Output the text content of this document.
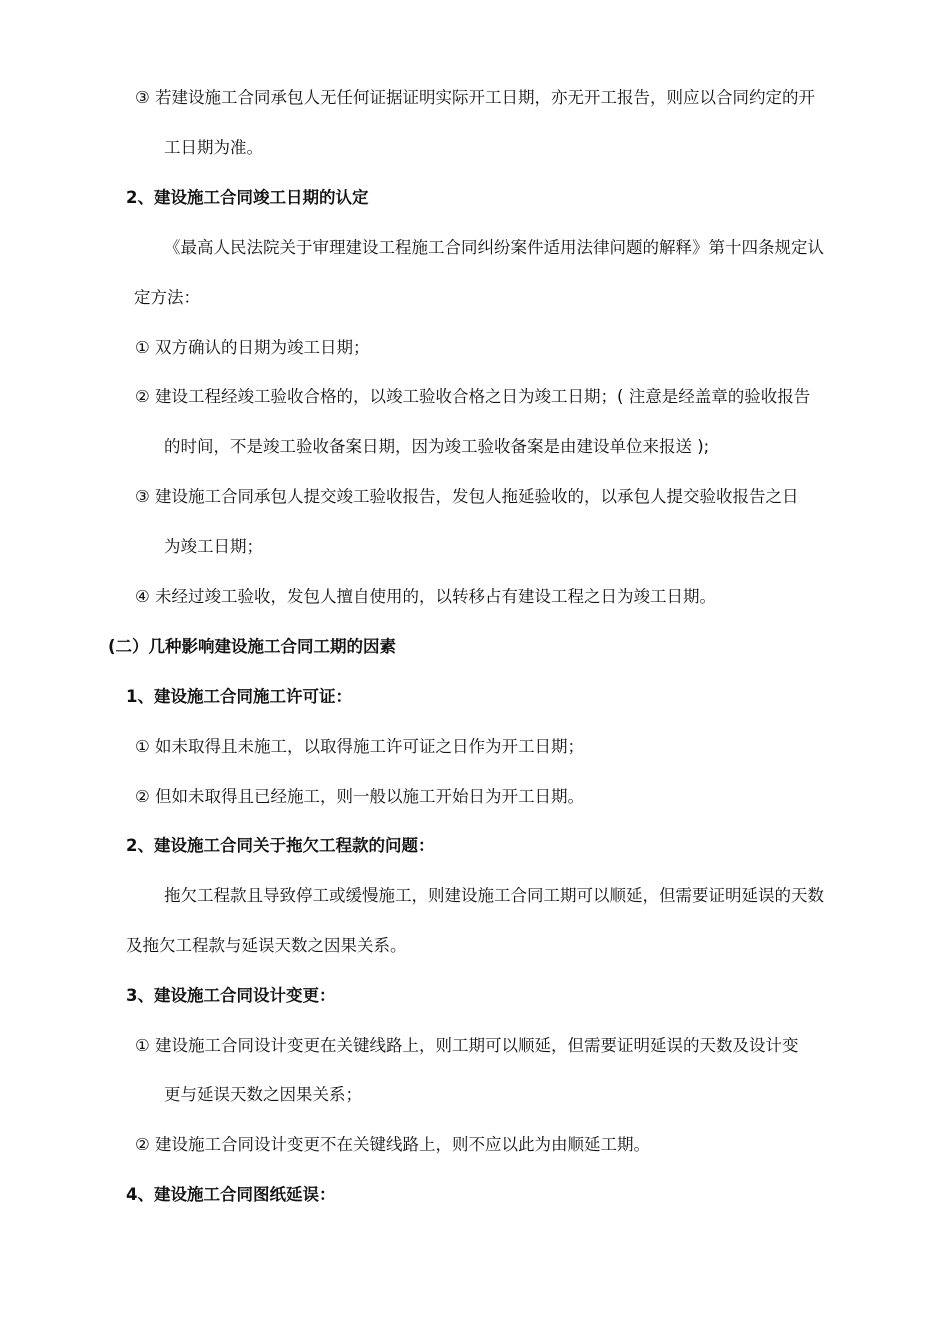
③ 若建设施工合同承包人无任何证据证明实际开工日期，亦无开工报告，则应以合同约定的开
工日期为准。
2、建设施工合同竣工日期的认定
《最高人民法院关于审理建设工程施工合同纠纷案件适用法律问题的解释》第十四条规定认
定方法：
① 双方确认的日期为竣工日期；
② 建设工程经竣工验收合格的，以竣工验收合格之日为竣工日期；( 注意是经盖章的验收报告
的时间，不是竣工验收备案日期，因为竣工验收备案是由建设单位来报送 );
③ 建设施工合同承包人提交竣工验收报告，发包人拖延验收的，以承包人提交验收报告之日
为竣工日期；
④ 未经过竣工验收，发包人擅自使用的，以转移占有建设工程之日为竣工日期。
(二）几种影响建设施工合同工期的因素
1、建设施工合同施工许可证：
① 如未取得且未施工，以取得施工许可证之日作为开工日期；
② 但如未取得且已经施工，则一般以施工开始日为开工日期。
2、建设施工合同关于拖欠工程款的问题：
拖欠工程款且导致停工或缓慢施工，则建设施工合同工期可以顺延，但需要证明延误的天数
及拖欠工程款与延误天数之因果关系。
3、建设施工合同设计变更：
① 建设施工合同设计变更在关键线路上，则工期可以顺延，但需要证明延误的天数及设计变
更与延误天数之因果关系；
② 建设施工合同设计变更不在关键线路上，则不应以此为由顺延工期。
4、建设施工合同图纸延误：
